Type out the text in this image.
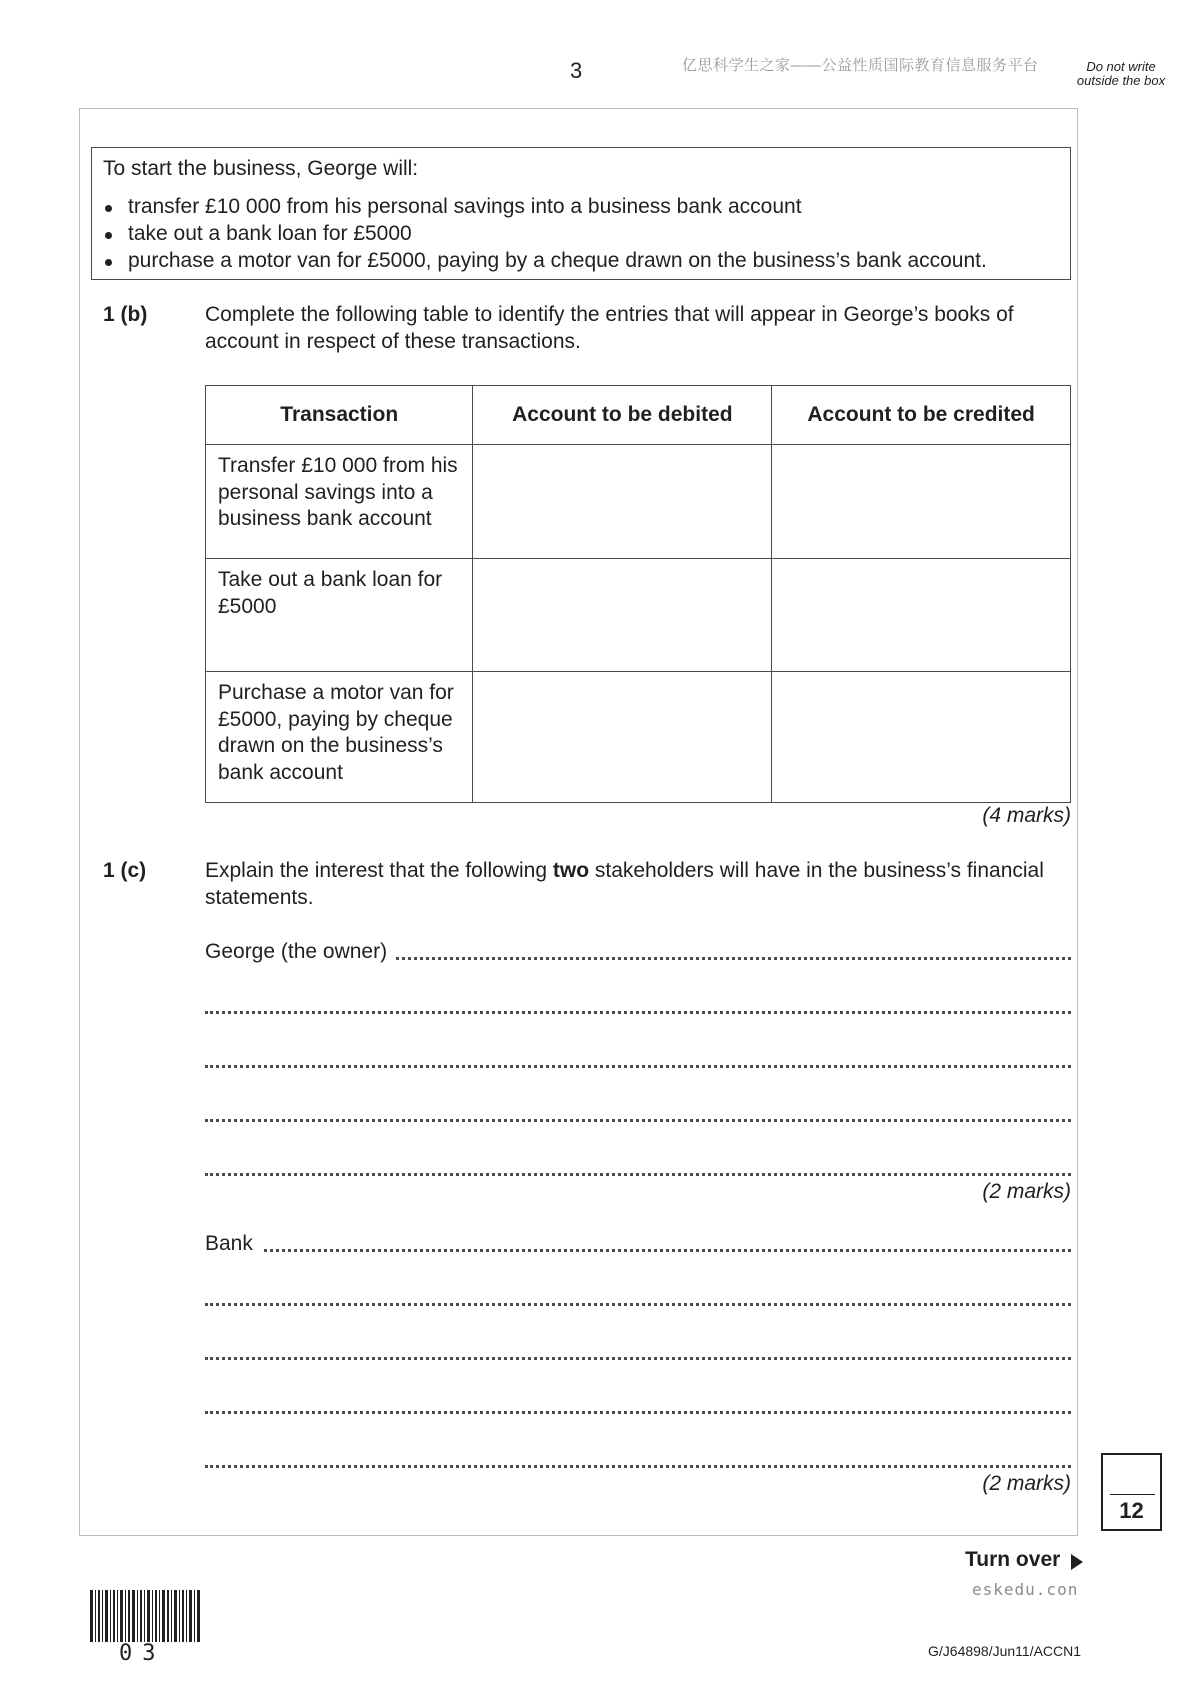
3	亿思科学生之家——公益性质国际教育信息服务平台	Do not write outside the box
To start the business, George will:
transfer £10 000 from his personal savings into a business bank account
take out a bank loan for £5000
purchase a motor van for £5000, paying by a cheque drawn on the business’s bank account.
1 (b)	Complete the following table to identify the entries that will appear in George’s books of account in respect of these transactions.
Transaction	Account to be debited	Account to be credited
Transfer £10 000 from his personal savings into a business bank account		
Take out a bank loan for £5000		
Purchase a motor van for £5000, paying by cheque drawn on the business’s bank account		
(4 marks)
1 (c)	Explain the interest that the following two stakeholders will have in the business’s financial statements.
George (the owner)
(2 marks)
Bank
(2 marks)
12
Turn over
eskedu.con
03	G/J64898/Jun11/ACCN1
